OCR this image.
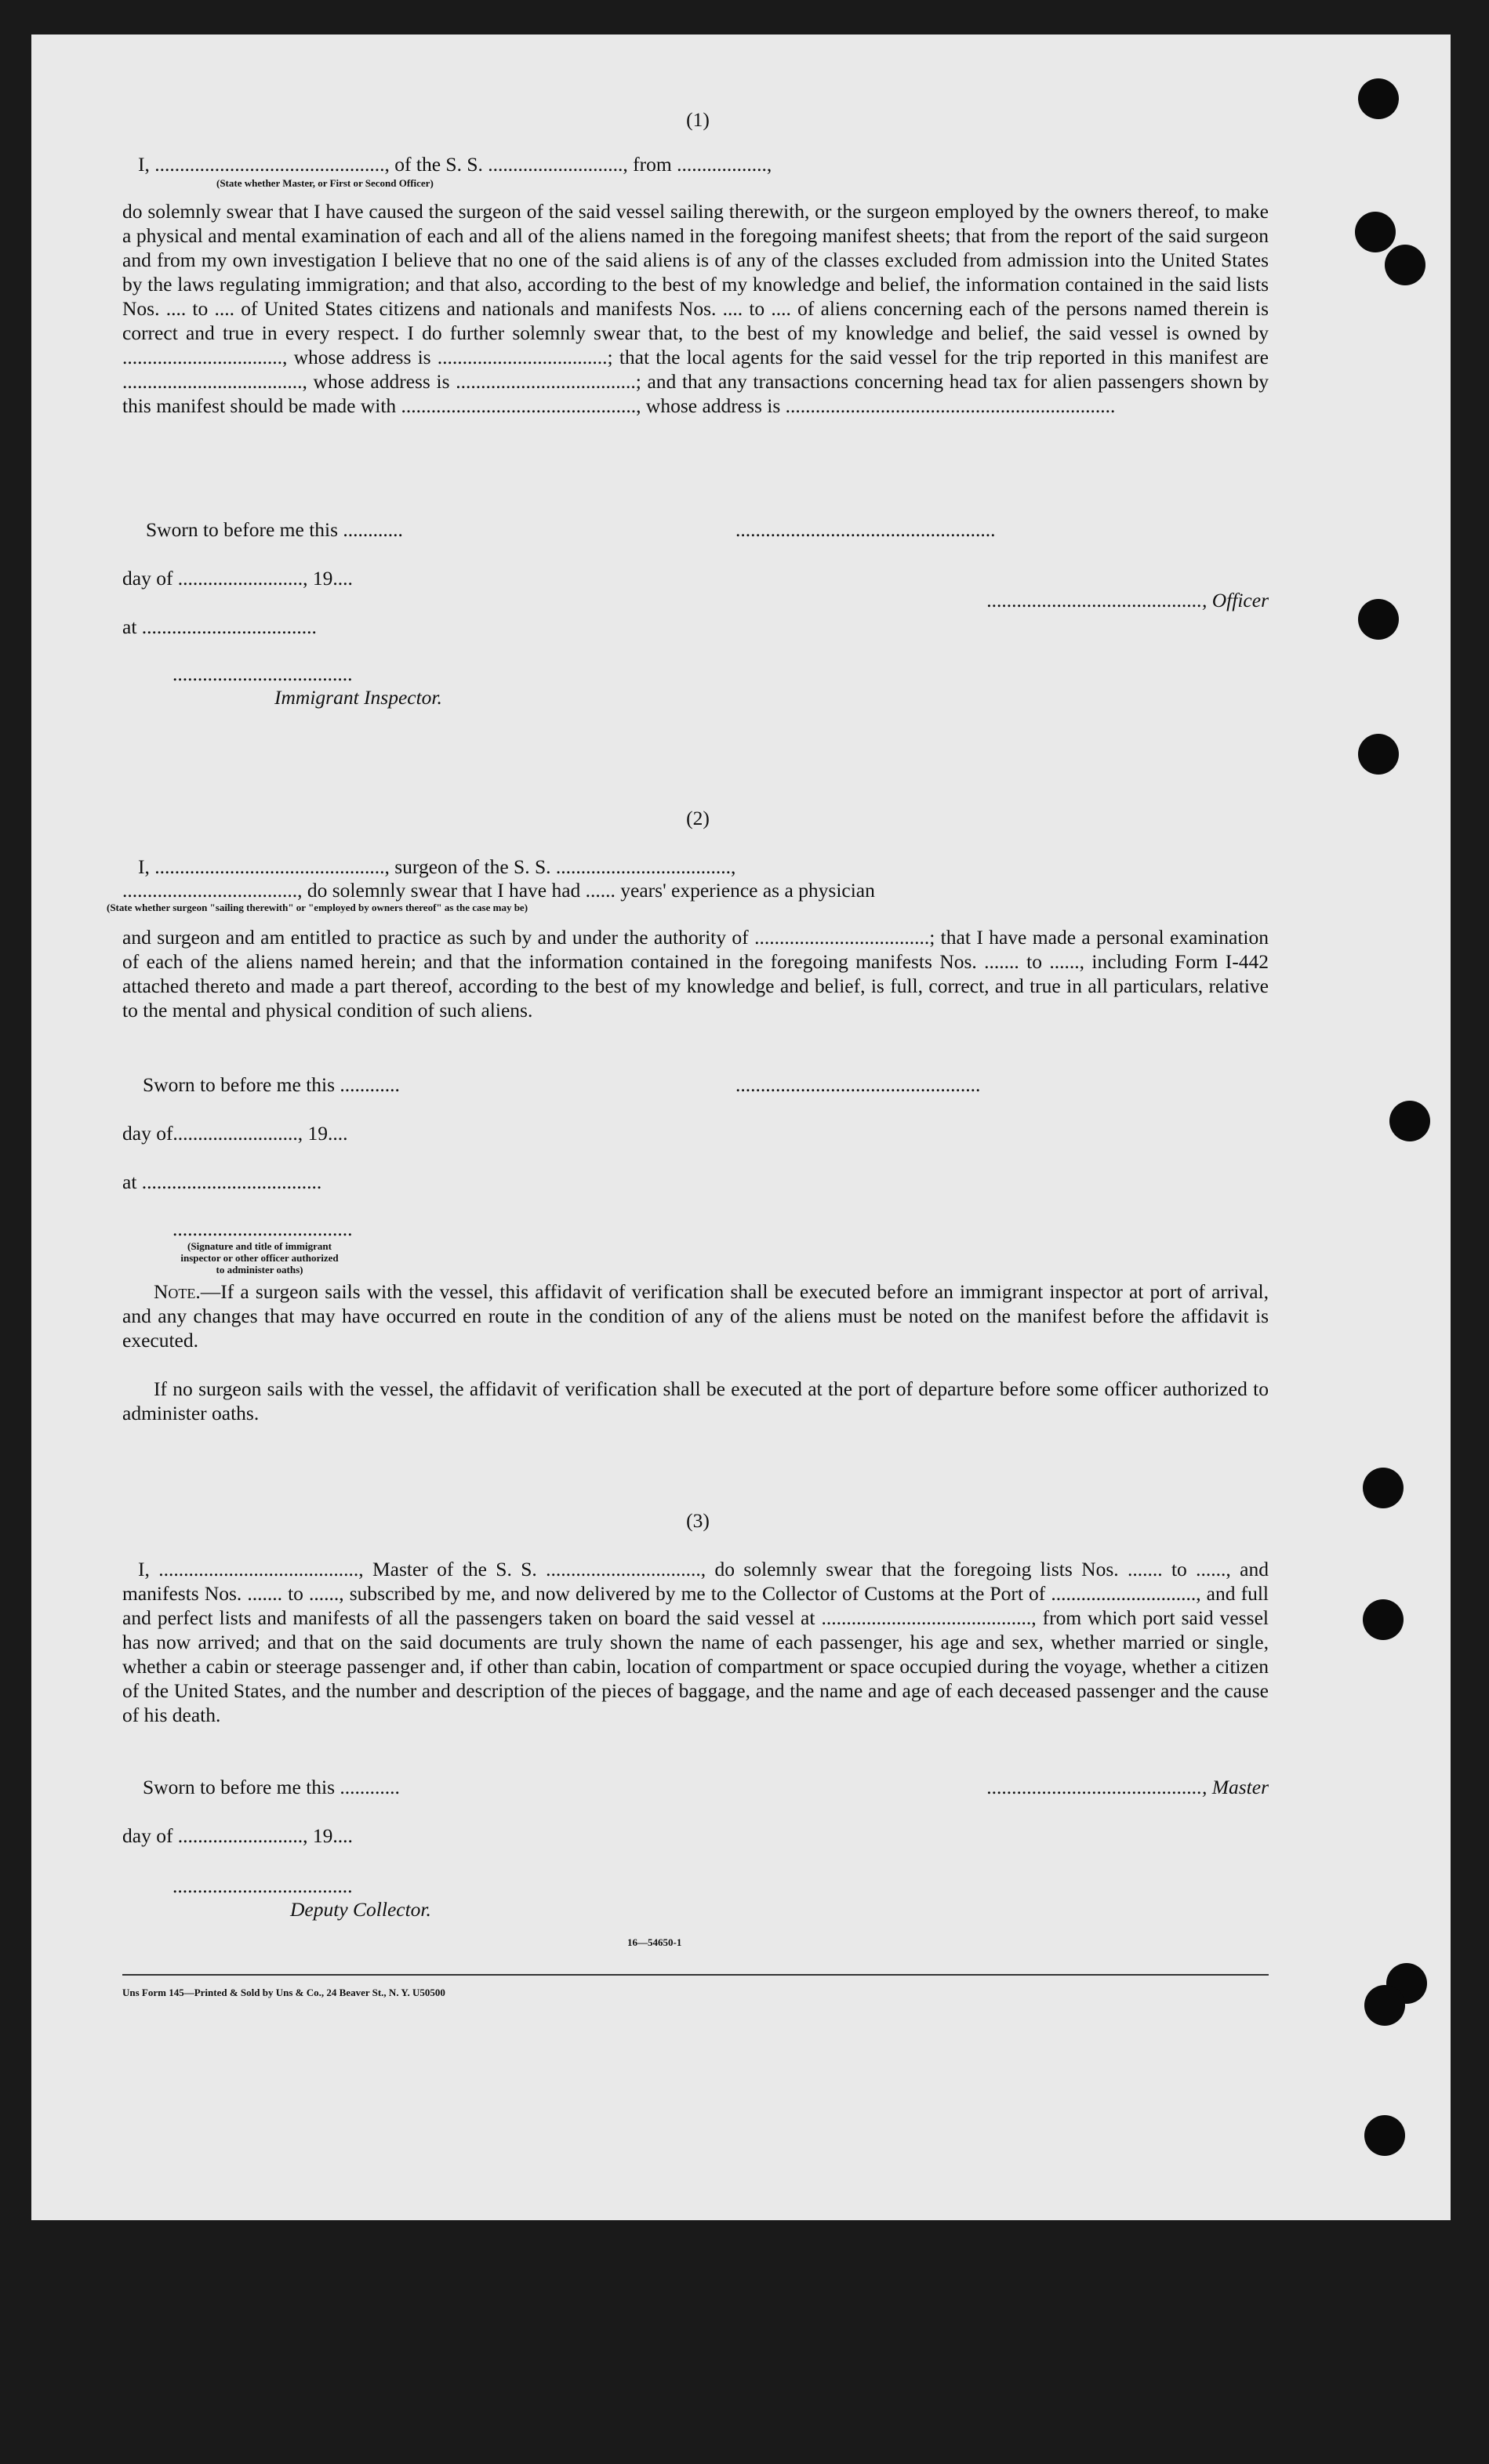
(1)
I, .............................................., of the S. S. ..........................., from ..................,
(State whether Master, or First or Second Officer)

do solemnly swear that I have caused the surgeon of the said vessel sailing therewith, or the surgeon employed by the owners thereof, to make a physical and mental examination of each and all of the aliens named in the foregoing manifest sheets; that from the report of the said surgeon and from my own investigation I believe that no one of the said aliens is of any of the classes excluded from admission into the United States by the laws regulating immigration; and that also, according to the best of my knowledge and belief, the information contained in the said lists Nos. .... to .... of United States citizens and nationals and manifests Nos. .... to .... of aliens concerning each of the persons named therein is correct and true in every respect. I do further solemnly swear that, to the best of my knowledge and belief, the said vessel is owned by ................................, whose address is ..................................; that the local agents for the said vessel for the trip reported in this manifest are ...................................., whose address is ....................................; and that any transactions concerning head tax for alien passengers shown by this manifest should be made with ..............................................., whose address is ..................................................................

Sworn to before me this ............	....................................................
day of ........................., 19....
..........................................., Officer
at ...................................
....................................
Immigrant Inspector.
(2)
I, .............................................., surgeon of the S. S. ...................................,
..................................., do solemnly swear that I have had ...... years' experience as a physician
(State whether surgeon "sailing therewith" or "employed by owners thereof" as the case may be)

and surgeon and am entitled to practice as such by and under the authority of ...................................; that I have made a personal examination of each of the aliens named herein; and that the information contained in the foregoing manifests Nos. ....... to ......, including Form I-442 attached thereto and made a part thereof, according to the best of my knowledge and belief, is full, correct, and true in all particulars, relative to the mental and physical condition of such aliens.

Sworn to before me this ............	.................................................
day of........................., 19....
at ....................................
....................................
(Signature and title of immigrant inspector or other officer authorized to administer oaths)

Note.—If a surgeon sails with the vessel, this affidavit of verification shall be executed before an immigrant inspector at port of arrival, and any changes that may have occurred en route in the condition of any of the aliens must be noted on the manifest before the affidavit is executed.

If no surgeon sails with the vessel, the affidavit of verification shall be executed at the port of departure before some officer authorized to administer oaths.

(3)

I, ........................................, Master of the S. S. ..............................., do solemnly swear that the foregoing lists Nos. ....... to ......, and manifests Nos. ....... to ......, subscribed by me, and now delivered by me to the Collector of Customs at the Port of ............................., and full and perfect lists and manifests of all the passengers taken on board the said vessel at .........................................., from which port said vessel has now arrived; and that on the said documents are truly shown the name of each passenger, his age and sex, whether married or single, whether a cabin or steerage passenger and, if other than cabin, location of compartment or space occupied during the voyage, whether a citizen of the United States, and the number and description of the pieces of baggage, and the name and age of each deceased passenger and the cause of his death.

Sworn to before me this ............	..........................................., Master
day of ........................., 19....
....................................
Deputy Collector.
16—54650-1
Uns Form 145—Printed & Sold by Uns & Co., 24 Beaver St., N. Y. U50500
